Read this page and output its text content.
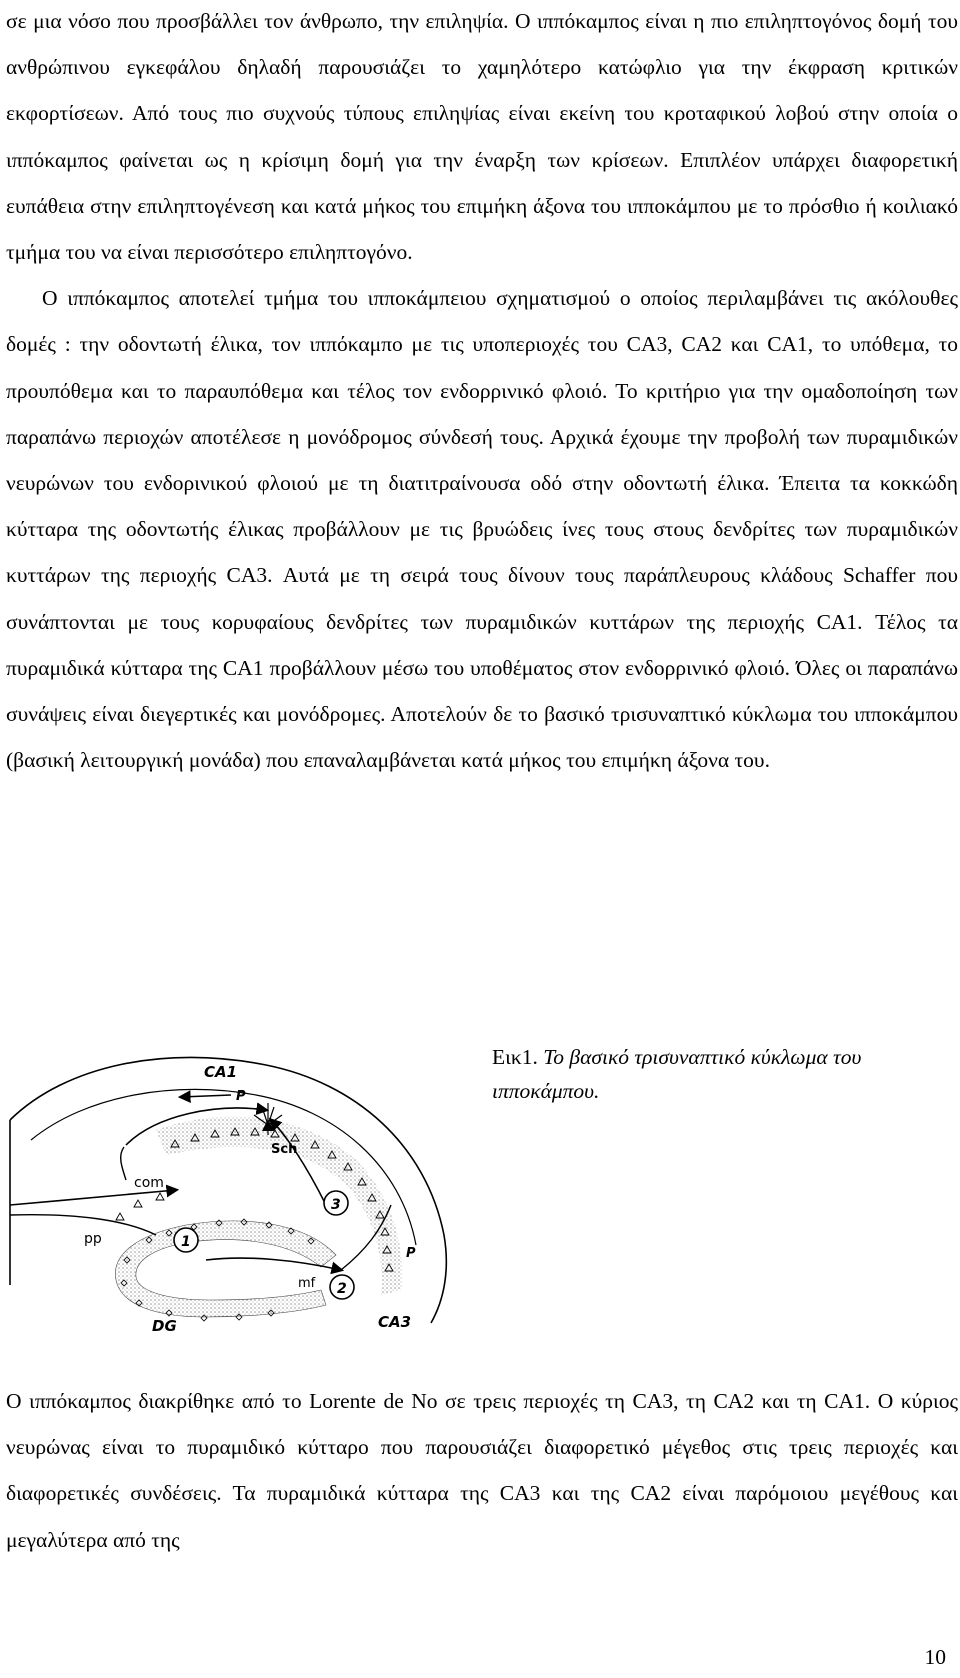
σε μια νόσο που προσβάλλει τον άνθρωπο, την επιληψία. Ο ιππόκαμπος είναι η πιο επιληπτογόνος δομή του ανθρώπινου εγκεφάλου δηλαδή παρουσιάζει το χαμηλότερο κατώφλιο για την έκφραση κριτικών εκφορτίσεων. Από τους πιο συχνούς τύπους επιληψίας είναι εκείνη του κροταφικού λοβού στην οποία ο ιππόκαμπος φαίνεται ως η κρίσιμη δομή για την έναρξη των κρίσεων. Επιπλέον υπάρχει διαφορετική ευπάθεια στην επιληπτογένεση και κατά μήκος του επιμήκη άξονα του ιπποκάμπου με το πρόσθιο ή κοιλιακό τμήμα του να είναι περισσότερο επιληπτογόνο.

Ο ιππόκαμπος αποτελεί τμήμα του ιπποκάμπειου σχηματισμού ο οποίος περιλαμβάνει τις ακόλουθες δομές : την οδοντωτή έλικα, τον ιππόκαμπο με τις υποπεριοχές του CA3, CA2 και CA1, το υπόθεμα, το προυπόθεμα και το παραυπόθεμα και τέλος τον ενδορρινικό φλοιό. Το κριτήριο για την ομαδοποίηση των παραπάνω περιοχών αποτέλεσε η μονόδρομος σύνδεσή τους. Αρχικά έχουμε την προβολή των πυραμιδικών νευρώνων του ενδορινικού φλοιού με τη διατιτραίνουσα οδό στην οδοντωτή έλικα. Έπειτα τα κοκκώδη κύτταρα της οδοντωτής έλικας προβάλλουν με τις βρυώδεις ίνες τους στους δενδρίτες των πυραμιδικών κυττάρων της περιοχής CA3. Αυτά με τη σειρά τους δίνουν τους παράπλευρους κλάδους Schaffer που συνάπτονται με τους κορυφαίους δενδρίτες των πυραμιδικών κυττάρων της περιοχής CA1. Τέλος τα πυραμιδικά κύτταρα της CA1 προβάλλουν μέσω του υποθέματος στον ενδορρινικό φλοιό. Όλες οι παραπάνω συνάψεις είναι διεγερτικές και μονόδρομες. Αποτελούν δε το βασικό τρισυναπτικό κύκλωμα του ιπποκάμπου (βασική λειτουργική μονάδα) που επαναλαμβάνεται κατά μήκος του επιμήκη άξονα του.

Εικ1. Το βασικό τρισυναπτικό κύκλωμα του ιπποκάμπου.
CA1
P
Sch
com
pp	1
2
3
mf
P
DG	CA3

Ο ιππόκαμπος διακρίθηκε από το Lorente de No σε τρεις περιοχές τη CA3, τη CA2 και τη CA1. Ο κύριος νευρώνας είναι το πυραμιδικό κύτταρο που παρουσιάζει διαφορετικό μέγεθος στις τρεις περιοχές και διαφορετικές συνδέσεις. Τα πυραμιδικά κύτταρα της CA3 και της CA2 είναι παρόμοιου μεγέθους και μεγαλύτερα από της

10
